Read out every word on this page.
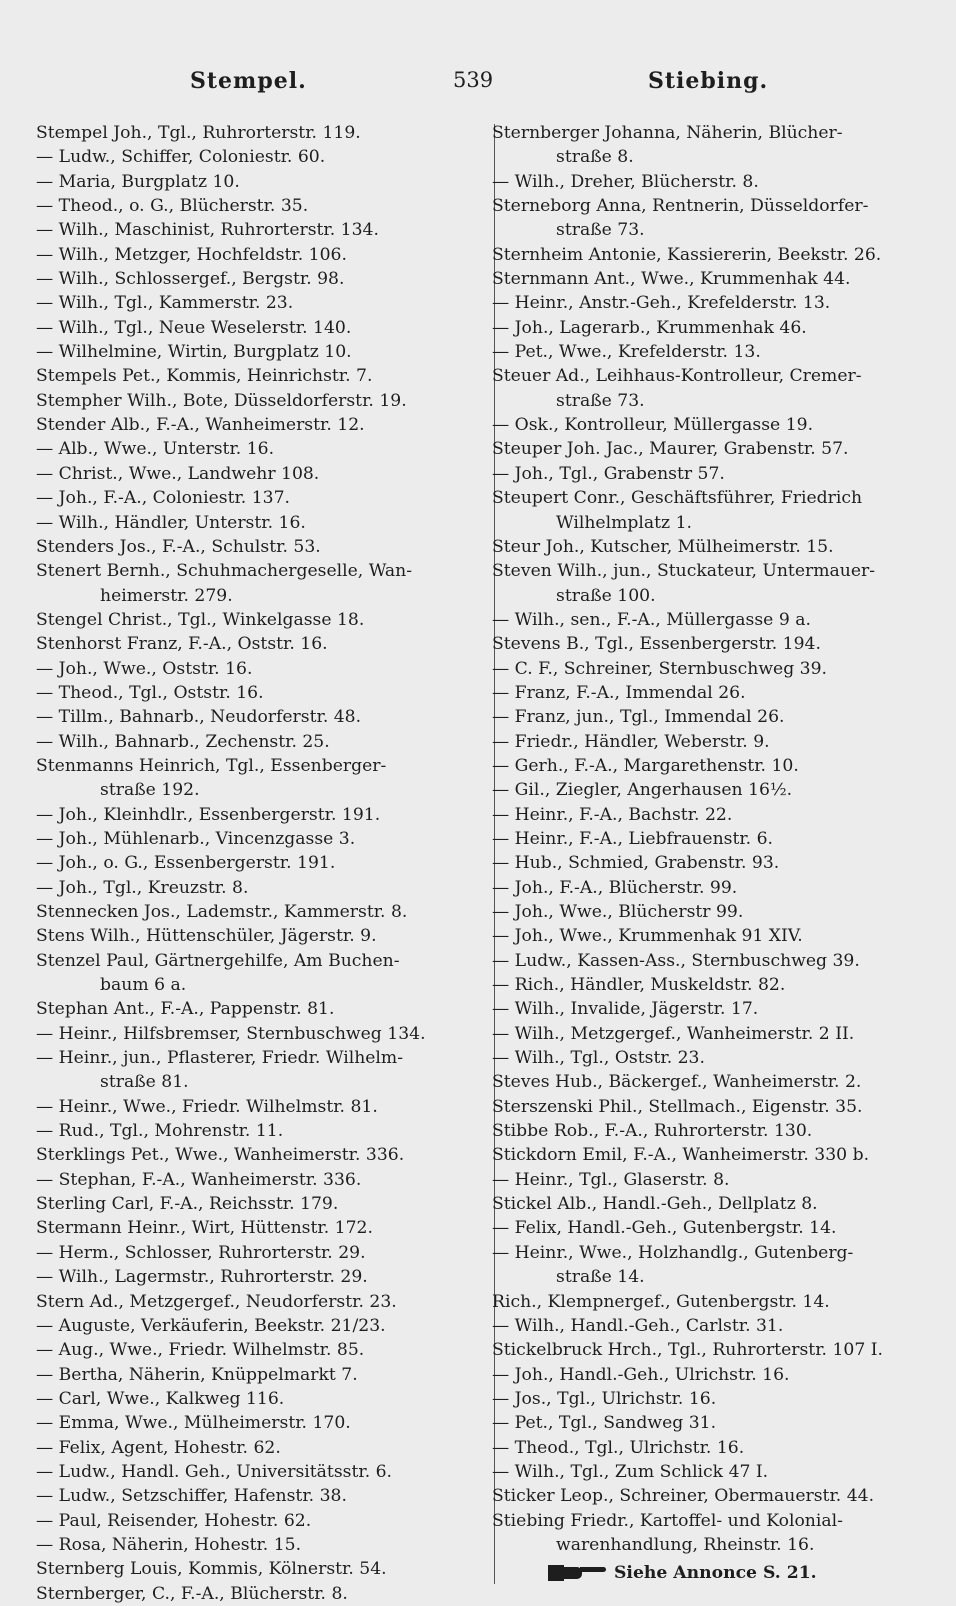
Stempel.	539	Stiebing.
Stempel Joh., Tgl., Ruhrorterstr. 119.
— Ludw., Schiffer, Coloniestr. 60.
— Maria, Burgplatz 10.
— Theod., o. G., Blücherstr. 35.
— Wilh., Maschinist, Ruhrorterstr. 134.
— Wilh., Metzger, Hochfeldstr. 106.
— Wilh., Schlossergef., Bergstr. 98.
— Wilh., Tgl., Kammerstr. 23.
— Wilh., Tgl., Neue Weselerstr. 140.
— Wilhelmine, Wirtin, Burgplatz 10.
Stempels Pet., Kommis, Heinrichstr. 7.
Stempher Wilh., Bote, Düsseldorferstr. 19.
Stender Alb., F.-A., Wanheimerstr. 12.
— Alb., Wwe., Unterstr. 16.
— Christ., Wwe., Landwehr 108.
— Joh., F.-A., Coloniestr. 137.
— Wilh., Händler, Unterstr. 16.
Stenders Jos., F.-A., Schulstr. 53.
Stenert Bernh., Schuhmachergeselle, Wan-
heimerstr. 279.
Stengel Christ., Tgl., Winkelgasse 18.
Stenhorst Franz, F.-A., Oststr. 16.
— Joh., Wwe., Oststr. 16.
— Theod., Tgl., Oststr. 16.
— Tillm., Bahnarb., Neudorferstr. 48.
— Wilh., Bahnarb., Zechenstr. 25.
Stenmanns Heinrich, Tgl., Essenberger-
straße 192.
— Joh., Kleinhdlr., Essenbergerstr. 191.
— Joh., Mühlenarb., Vincenzgasse 3.
— Joh., o. G., Essenbergerstr. 191.
— Joh., Tgl., Kreuzstr. 8.
Stennecken Jos., Lademstr., Kammerstr. 8.
Stens Wilh., Hüttenschüler, Jägerstr. 9.
Stenzel Paul, Gärtnergehilfe, Am Buchen-
baum 6 a.
Stephan Ant., F.-A., Pappenstr. 81.
— Heinr., Hilfsbremser, Sternbuschweg 134.
— Heinr., jun., Pflasterer, Friedr. Wilhelm-
straße 81.
— Heinr., Wwe., Friedr. Wilhelmstr. 81.
— Rud., Tgl., Mohrenstr. 11.
Sterklings Pet., Wwe., Wanheimerstr. 336.
— Stephan, F.-A., Wanheimerstr. 336.
Sterling Carl, F.-A., Reichsstr. 179.
Stermann Heinr., Wirt, Hüttenstr. 172.
— Herm., Schlosser, Ruhrorterstr. 29.
— Wilh., Lagermstr., Ruhrorterstr. 29.
Stern Ad., Metzgergef., Neudorferstr. 23.
— Auguste, Verkäuferin, Beekstr. 21/23.
— Aug., Wwe., Friedr. Wilhelmstr. 85.
— Bertha, Näherin, Knüppelmarkt 7.
— Carl, Wwe., Kalkweg 116.
— Emma, Wwe., Mülheimerstr. 170.
— Felix, Agent, Hohestr. 62.
— Ludw., Handl. Geh., Universitätsstr. 6.
— Ludw., Setzschiffer, Hafenstr. 38.
— Paul, Reisender, Hohestr. 62.
— Rosa, Näherin, Hohestr. 15.
Sternberg Louis, Kommis, Kölnerstr. 54.
Sternberger, C., F.-A., Blücherstr. 8.
Sternberger Johanna, Näherin, Blücher-
straße 8.
— Wilh., Dreher, Blücherstr. 8.
Sterneborg Anna, Rentnerin, Düsseldorfer-
straße 73.
Sternheim Antonie, Kassiererin, Beekstr. 26.
Sternmann Ant., Wwe., Krummenhak 44.
— Heinr., Anstr.-Geh., Krefelderstr. 13.
— Joh., Lagerarb., Krummenhak 46.
— Pet., Wwe., Krefelderstr. 13.
Steuer Ad., Leihhaus-Kontrolleur, Cremer-
straße 73.
— Osk., Kontrolleur, Müllergasse 19.
Steuper Joh. Jac., Maurer, Grabenstr. 57.
— Joh., Tgl., Grabenstr 57.
Steupert Conr., Geschäftsführer, Friedrich
Wilhelmplatz 1.
Steur Joh., Kutscher, Mülheimerstr. 15.
Steven Wilh., jun., Stuckateur, Untermauer-
straße 100.
— Wilh., sen., F.-A., Müllergasse 9 a.
Stevens B., Tgl., Essenbergerstr. 194.
— C. F., Schreiner, Sternbuschweg 39.
— Franz, F.-A., Immendal 26.
— Franz, jun., Tgl., Immendal 26.
— Friedr., Händler, Weberstr. 9.
— Gerh., F.-A., Margarethenstr. 10.
— Gil., Ziegler, Angerhausen 16½.
— Heinr., F.-A., Bachstr. 22.
— Heinr., F.-A., Liebfrauenstr. 6.
— Hub., Schmied, Grabenstr. 93.
— Joh., F.-A., Blücherstr. 99.
— Joh., Wwe., Blücherstr 99.
— Joh., Wwe., Krummenhak 91 XIV.
— Ludw., Kassen-Ass., Sternbuschweg 39.
— Rich., Händler, Muskeldstr. 82.
— Wilh., Invalide, Jägerstr. 17.
— Wilh., Metzgergef., Wanheimerstr. 2 II.
— Wilh., Tgl., Oststr. 23.
Steves Hub., Bäckergef., Wanheimerstr. 2.
Sterszenski Phil., Stellmach., Eigenstr. 35.
Stibbe Rob., F.-A., Ruhrorterstr. 130.
Stickdorn Emil, F.-A., Wanheimerstr. 330 b.
— Heinr., Tgl., Glaserstr. 8.
Stickel Alb., Handl.-Geh., Dellplatz 8.
— Felix, Handl.-Geh., Gutenbergstr. 14.
— Heinr., Wwe., Holzhandlg., Gutenberg-
straße 14.
Rich., Klempnergef., Gutenbergstr. 14.
— Wilh., Handl.-Geh., Carlstr. 31.
Stickelbruck Hrch., Tgl., Ruhrorterstr. 107 I.
— Joh., Handl.-Geh., Ulrichstr. 16.
— Jos., Tgl., Ulrichstr. 16.
— Pet., Tgl., Sandweg 31.
— Theod., Tgl., Ulrichstr. 16.
— Wilh., Tgl., Zum Schlick 47 I.
Sticker Leop., Schreiner, Obermauerstr. 44.
Stiebing Friedr., Kartoffel- und Kolonial-
warenhandlung, Rheinstr. 16.
Siehe Annonce S. 21.
